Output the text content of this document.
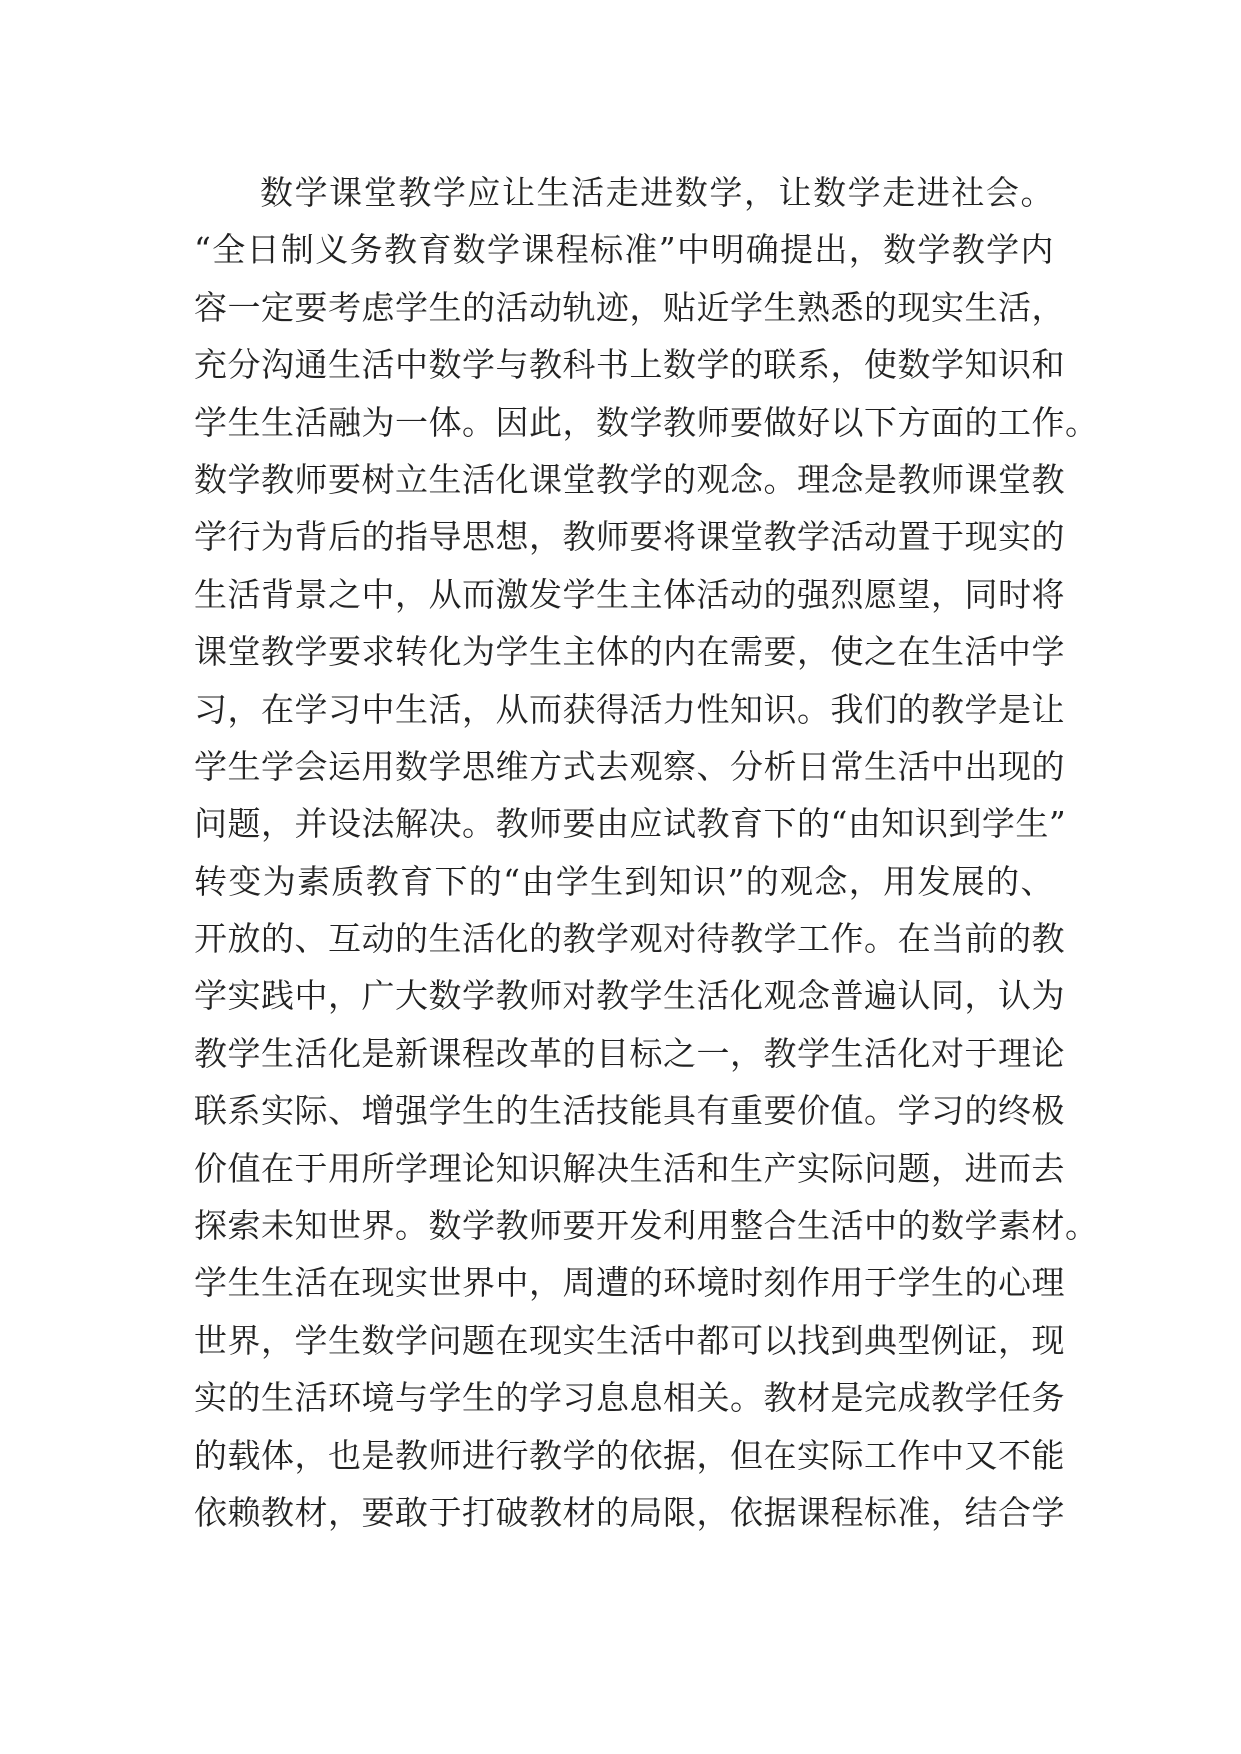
数学课堂教学应让生活走进数学，让数学走进社会。
“全日制义务教育数学课程标准”中明确提出，数学教学内
容一定要考虑学生的活动轨迹，贴近学生熟悉的现实生活，
充分沟通生活中数学与教科书上数学的联系，使数学知识和
学生生活融为一体。因此，数学教师要做好以下方面的工作。
数学教师要树立生活化课堂教学的观念。理念是教师课堂教
学行为背后的指导思想，教师要将课堂教学活动置于现实的
生活背景之中，从而激发学生主体活动的强烈愿望，同时将
课堂教学要求转化为学生主体的内在需要，使之在生活中学
习，在学习中生活，从而获得活力性知识。我们的教学是让
学生学会运用数学思维方式去观察、分析日常生活中出现的
问题，并设法解决。教师要由应试教育下的“由知识到学生”
转变为素质教育下的“由学生到知识”的观念，用发展的、
开放的、互动的生活化的教学观对待教学工作。在当前的教
学实践中，广大数学教师对教学生活化观念普遍认同，认为
教学生活化是新课程改革的目标之一，教学生活化对于理论
联系实际、增强学生的生活技能具有重要价值。学习的终极
价值在于用所学理论知识解决生活和生产实际问题，进而去
探索未知世界。数学教师要开发利用整合生活中的数学素材。
学生生活在现实世界中，周遭的环境时刻作用于学生的心理
世界，学生数学问题在现实生活中都可以找到典型例证，现
实的生活环境与学生的学习息息相关。教材是完成教学任务
的载体，也是教师进行教学的依据，但在实际工作中又不能
依赖教材，要敢于打破教材的局限，依据课程标准，结合学
